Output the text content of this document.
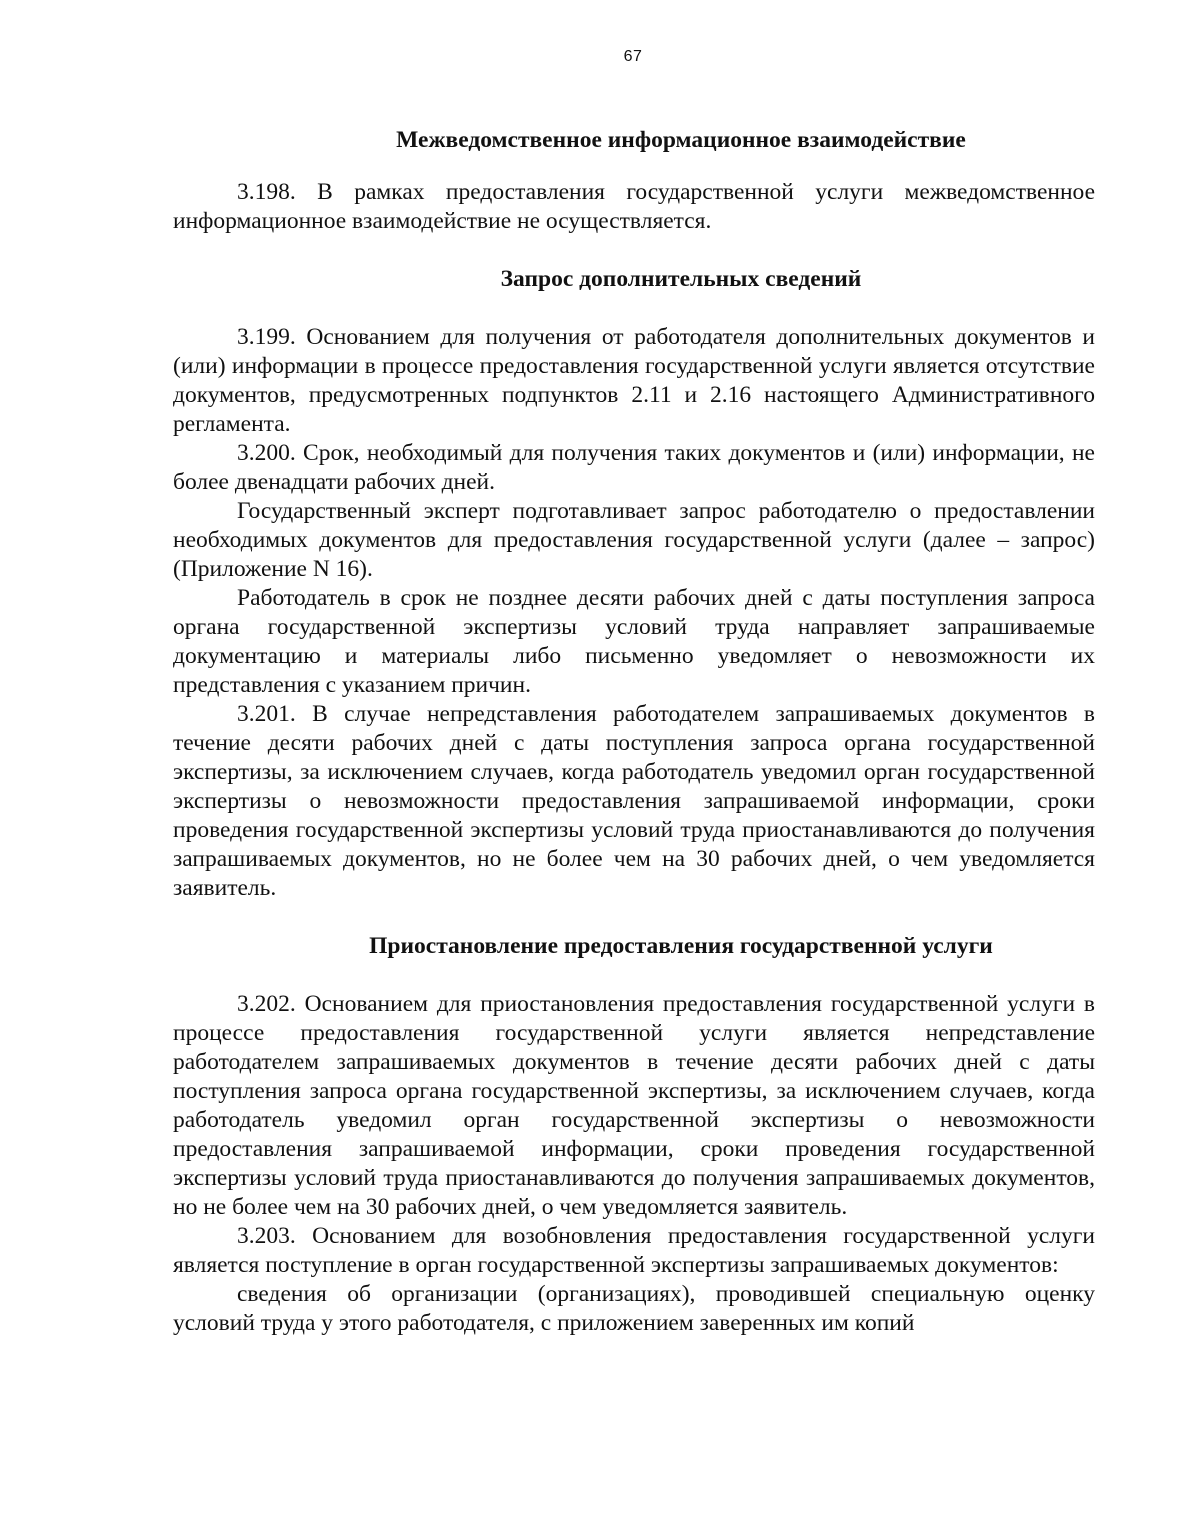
67
Межведомственное информационное взаимодействие

3.198. В рамках предоставления государственной услуги межведомственное информационное взаимодействие не осуществляется.

Запрос дополнительных сведений

3.199. Основанием для получения от работодателя дополнительных документов и (или) информации в процессе предоставления государственной услуги является отсутствие документов, предусмотренных подпунктов 2.11 и 2.16 настоящего Административного регламента.

3.200. Срок, необходимый для получения таких документов и (или) информации, не более двенадцати рабочих дней.

Государственный эксперт подготавливает запрос работодателю о предоставлении необходимых документов для предоставления государственной услуги (далее – запрос) (Приложение N 16).

Работодатель в срок не позднее десяти рабочих дней с даты поступления запроса органа государственной экспертизы условий труда направляет запрашиваемые документацию и материалы либо письменно уведомляет о невозможности их представления с указанием причин.

3.201. В случае непредставления работодателем запрашиваемых документов в течение десяти рабочих дней с даты поступления запроса органа государственной экспертизы, за исключением случаев, когда работодатель уведомил орган государственной экспертизы о невозможности предоставления запрашиваемой информации, сроки проведения государственной экспертизы условий труда приостанавливаются до получения запрашиваемых документов, но не более чем на 30 рабочих дней, о чем уведомляется заявитель.

Приостановление предоставления государственной услуги

3.202. Основанием для приостановления предоставления государственной услуги в процессе предоставления государственной услуги является непредставление работодателем запрашиваемых документов в течение десяти рабочих дней с даты поступления запроса органа государственной экспертизы, за исключением случаев, когда работодатель уведомил орган государственной экспертизы о невозможности предоставления запрашиваемой информации, сроки проведения государственной экспертизы условий труда приостанавливаются до получения запрашиваемых документов, но не более чем на 30 рабочих дней, о чем уведомляется заявитель.

3.203. Основанием для возобновления предоставления государственной услуги является поступление в орган государственной экспертизы запрашиваемых документов:

сведения об организации (организациях), проводившей специальную оценку условий труда у этого работодателя, с приложением заверенных им копий
